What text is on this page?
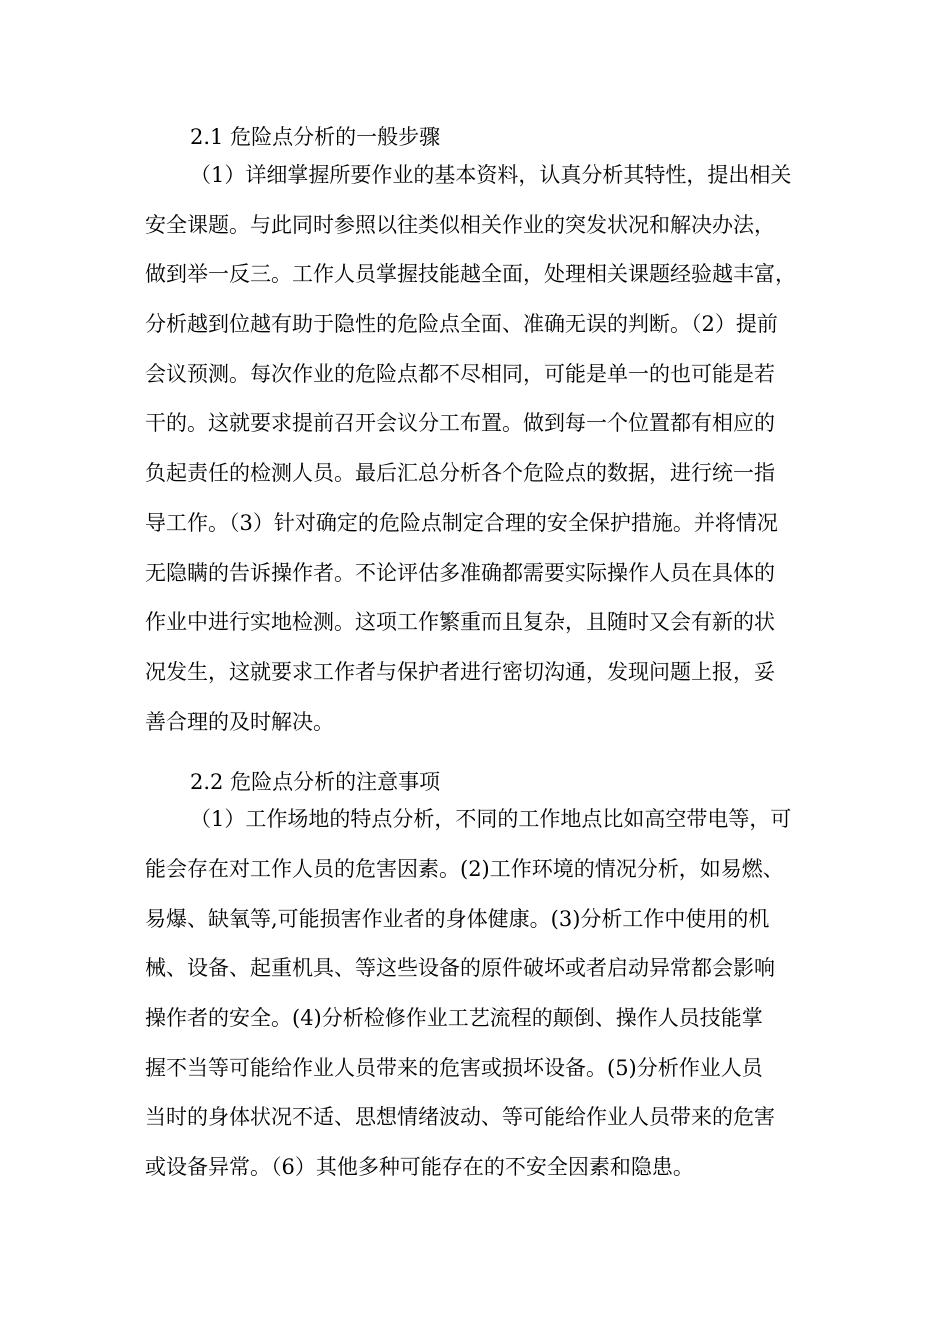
2.1 危险点分析的一般步骤
（1）详细掌握所要作业的基本资料，认真分析其特性，提出相关
安全课题。与此同时参照以往类似相关作业的突发状况和解决办法，
做到举一反三。工作人员掌握技能越全面，处理相关课题经验越丰富，
分析越到位越有助于隐性的危险点全面、准确无误的判断。（2）提前
会议预测。每次作业的危险点都不尽相同，可能是单一的也可能是若
干的。这就要求提前召开会议分工布置。做到每一个位置都有相应的
负起责任的检测人员。最后汇总分析各个危险点的数据，进行统一指
导工作。（3）针对确定的危险点制定合理的安全保护措施。并将情况
无隐瞒的告诉操作者。不论评估多准确都需要实际操作人员在具体的
作业中进行实地检测。这项工作繁重而且复杂，且随时又会有新的状
况发生，这就要求工作者与保护者进行密切沟通，发现问题上报，妥
善合理的及时解决。
2.2 危险点分析的注意事项
（1）工作场地的特点分析，不同的工作地点比如高空带电等，可
能会存在对工作人员的危害因素。(2)工作环境的情况分析，如易燃、
易爆、缺氧等,可能损害作业者的身体健康。(3)分析工作中使用的机
械、设备、起重机具、等这些设备的原件破坏或者启动异常都会影响
操作者的安全。(4)分析检修作业工艺流程的颠倒、操作人员技能掌
握不当等可能给作业人员带来的危害或损坏设备。(5)分析作业人员
当时的身体状况不适、思想情绪波动、等可能给作业人员带来的危害
或设备异常。（6）其他多种可能存在的不安全因素和隐患。
